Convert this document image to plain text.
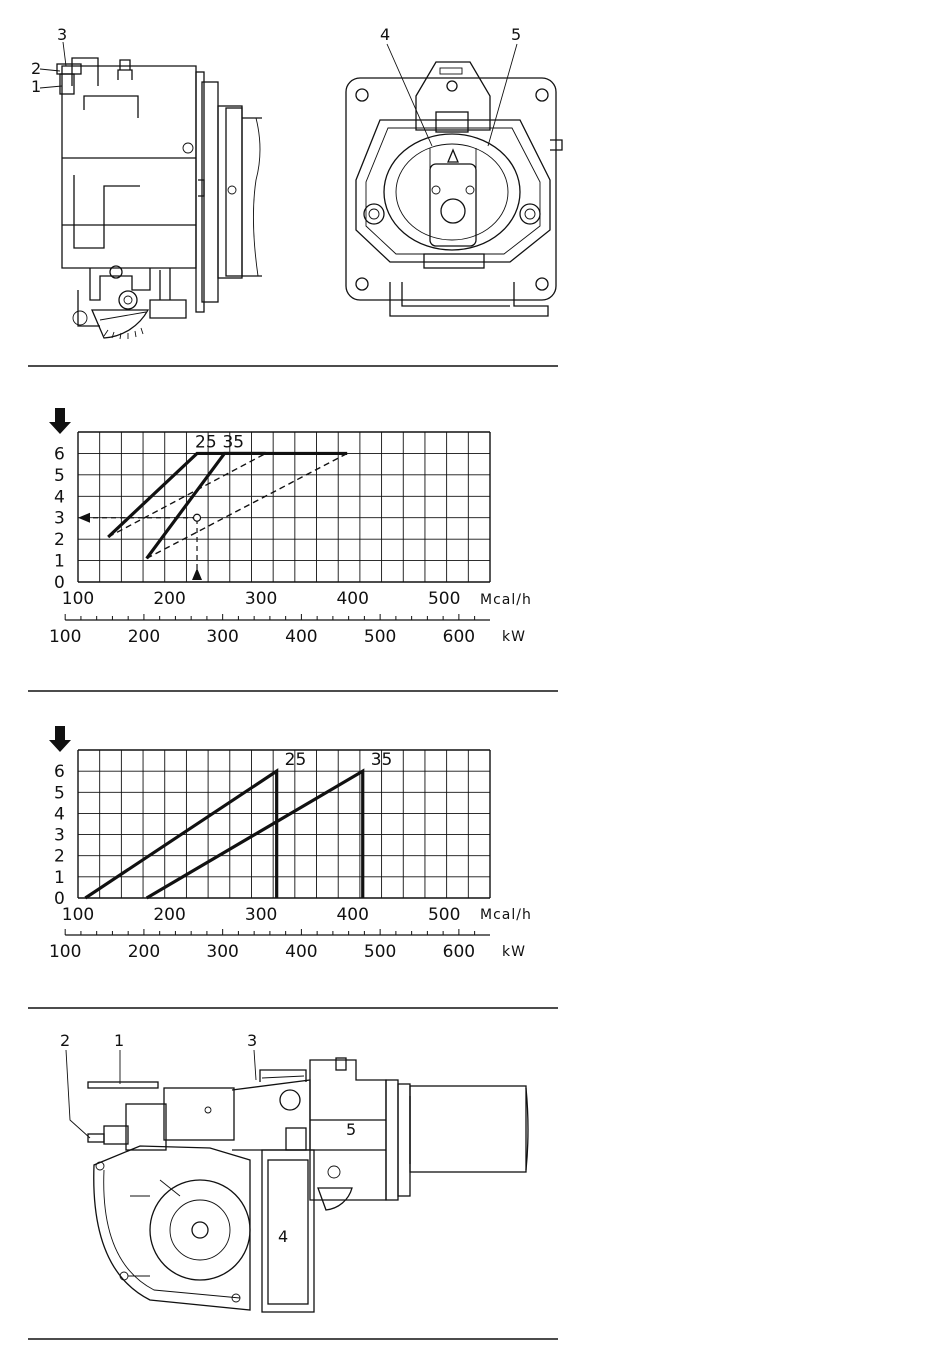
3
2
1
4	5
0
1
2
3
4
5
6
100	200	300	400	500 Mcal/h
100	200	300	400	500	600 kW
25 35
0
1
2
3
4
5
6
100	200	300	400	500 Mcal/h
100	200	300	400	500	600 kW
25	35
2	1	3
4
5
